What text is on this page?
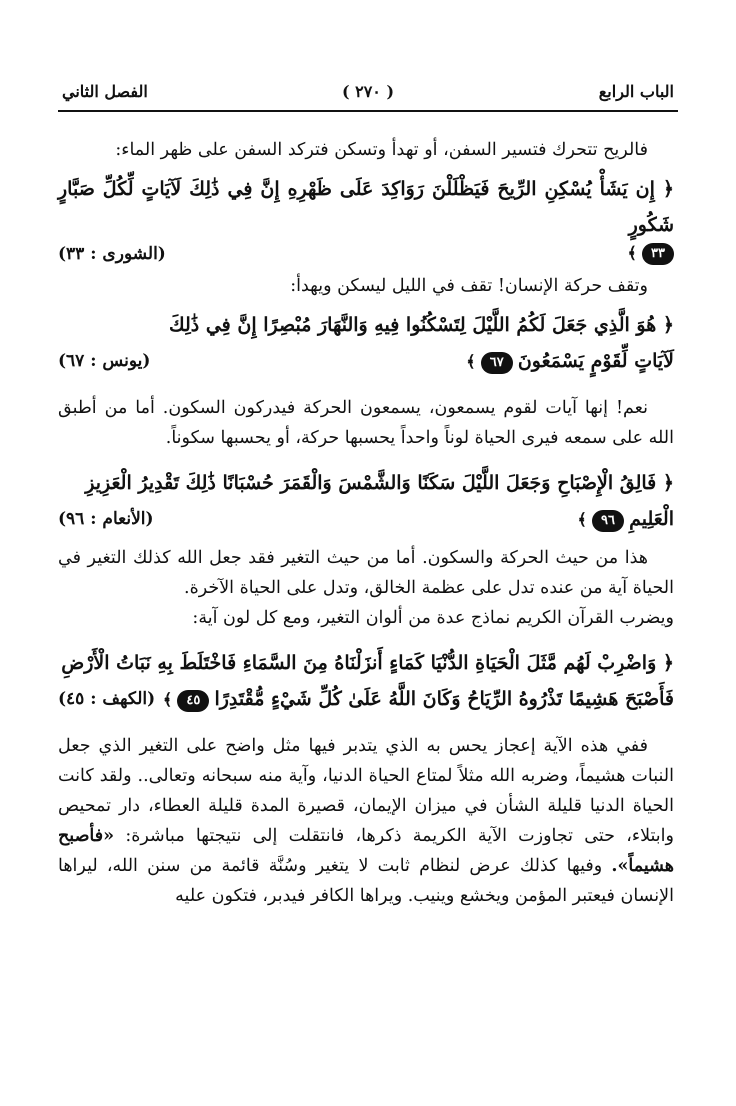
الباب الرابع
( ٢٧٠ )
الفصل الثاني

فالريح تتحرك فتسير السفن، أو تهدأ وتسكن فتركد السفن على ظهر الماء:

﴿ إِن يَشَأْ يُسْكِنِ الرِّيحَ فَيَظْلَلْنَ رَوَاكِدَ عَلَى ظَهْرِهِ إِنَّ فِي ذَٰلِكَ لَآيَاتٍ لِّكُلِّ صَبَّارٍ شَكُورٍ

٣٣ ﴾
(الشورى : ٣٣)

وتقف حركة الإنسان! تقف في الليل ليسكن ويهدأ:

﴿ هُوَ الَّذِي جَعَلَ لَكُمُ اللَّيْلَ لِتَسْكُنُوا فِيهِ وَالنَّهَارَ مُبْصِرًا إِنَّ فِي ذَٰلِكَ

لَآيَاتٍ لِّقَوْمٍ يَسْمَعُونَ ٦٧ ﴾
(يونس : ٦٧)

نعم! إنها آيات لقوم يسمعون، يسمعون الحركة فيدركون السكون. أما من أطبق الله على سمعه فيرى الحياة لوناً واحداً يحسبها حركة، أو يحسبها سكوناً.

﴿ فَالِقُ الْإِصْبَاحِ وَجَعَلَ اللَّيْلَ سَكَنًا وَالشَّمْسَ وَالْقَمَرَ حُسْبَانًا ذَٰلِكَ تَقْدِيرُ الْعَزِيزِ

الْعَلِيمِ ٩٦ ﴾
(الأنعام : ٩٦)

هذا من حيث الحركة والسكون. أما من حيث التغير فقد جعل الله كذلك التغير في الحياة آية من عنده تدل على عظمة الخالق، وتدل على الحياة الآخرة.

ويضرب القرآن الكريم نماذج عدة من ألوان التغير، ومع كل لون آية:

﴿ وَاضْرِبْ لَهُم مَّثَلَ الْحَيَاةِ الدُّنْيَا كَمَاءٍ أَنزَلْنَاهُ مِنَ السَّمَاءِ فَاخْتَلَطَ بِهِ نَبَاتُ الْأَرْضِ

فَأَصْبَحَ هَشِيمًا تَذْرُوهُ الرِّيَاحُ وَكَانَ اللَّهُ عَلَىٰ كُلِّ شَيْءٍ مُّقْتَدِرًا ٤٥ ﴾
(الكهف : ٤٥)

ففي هذه الآية إعجاز يحس به الذي يتدبر فيها مثل واضح على التغير الذي جعل النبات هشيماً، وضربه الله مثلاً لمتاع الحياة الدنيا، وآية منه سبحانه وتعالى.. ولقد كانت الحياة الدنيا قليلة الشأن في ميزان الإيمان، قصيرة المدة قليلة العطاء، دار تمحيص وابتلاء، حتى تجاوزت الآية الكريمة ذكرها، فانتقلت إلى نتيجتها مباشرة: «فأصبح هشيماً». وفيها كذلك عرض لنظام ثابت لا يتغير وسُنَّة قائمة من سنن الله، ليراها الإنسان فيعتبر المؤمن ويخشع وينيب. ويراها الكافر فيدبر، فتكون عليه
